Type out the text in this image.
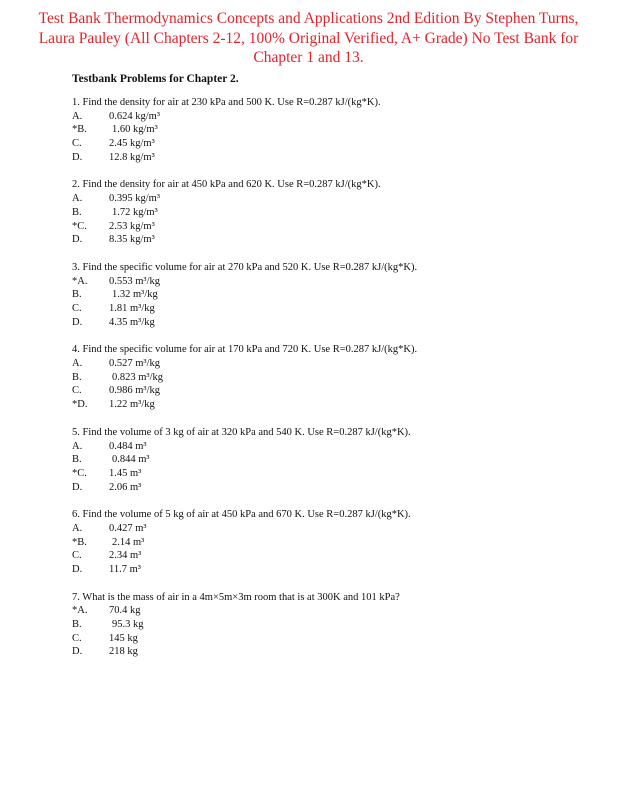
Test Bank Thermodynamics Concepts and Applications 2nd Edition By Stephen Turns,
Laura Pauley (All Chapters 2-12, 100% Original Verified, A+ Grade) No Test Bank for
Chapter 1 and 13.
Testbank Problems for Chapter 2.
1. Find the density for air at 230 kPa and 500 K. Use R=0.287 kJ/(kg*K).
A.	0.624 kg/m³
*B. 1.60 kg/m³
C.	2.45 kg/m³
D.	12.8 kg/m³
2. Find the density for air at 450 kPa and 620 K. Use R=0.287 kJ/(kg*K).
A.	0.395 kg/m³
B.	1.72 kg/m³
*C. 2.53 kg/m³
D.	8.35 kg/m³
3. Find the specific volume for air at 270 kPa and 520 K. Use R=0.287 kJ/(kg*K).
*A. 0.553 m³/kg
B.	1.32 m³/kg
C.	1.81 m³/kg
D.	4.35 m³/kg
4. Find the specific volume for air at 170 kPa and 720 K. Use R=0.287 kJ/(kg*K).
A.	0.527 m³/kg
B.	0.823 m³/kg
C.	0.986 m³/kg
*D. 1.22 m³/kg
5. Find the volume of 3 kg of air at 320 kPa and 540 K. Use R=0.287 kJ/(kg*K).
A.	0.484 m³
B.	0.844 m³
*C. 1.45 m³
D.	2.06 m³
6. Find the volume of 5 kg of air at 450 kPa and 670 K. Use R=0.287 kJ/(kg*K).
A.	0.427 m³
*B. 2.14 m³
C.	2.34 m³
D.	11.7 m³
7. What is the mass of air in a 4m×5m×3m room that is at 300K and 101 kPa?
*A. 70.4 kg
B.	95.3 kg
C.	145 kg
D.	218 kg
